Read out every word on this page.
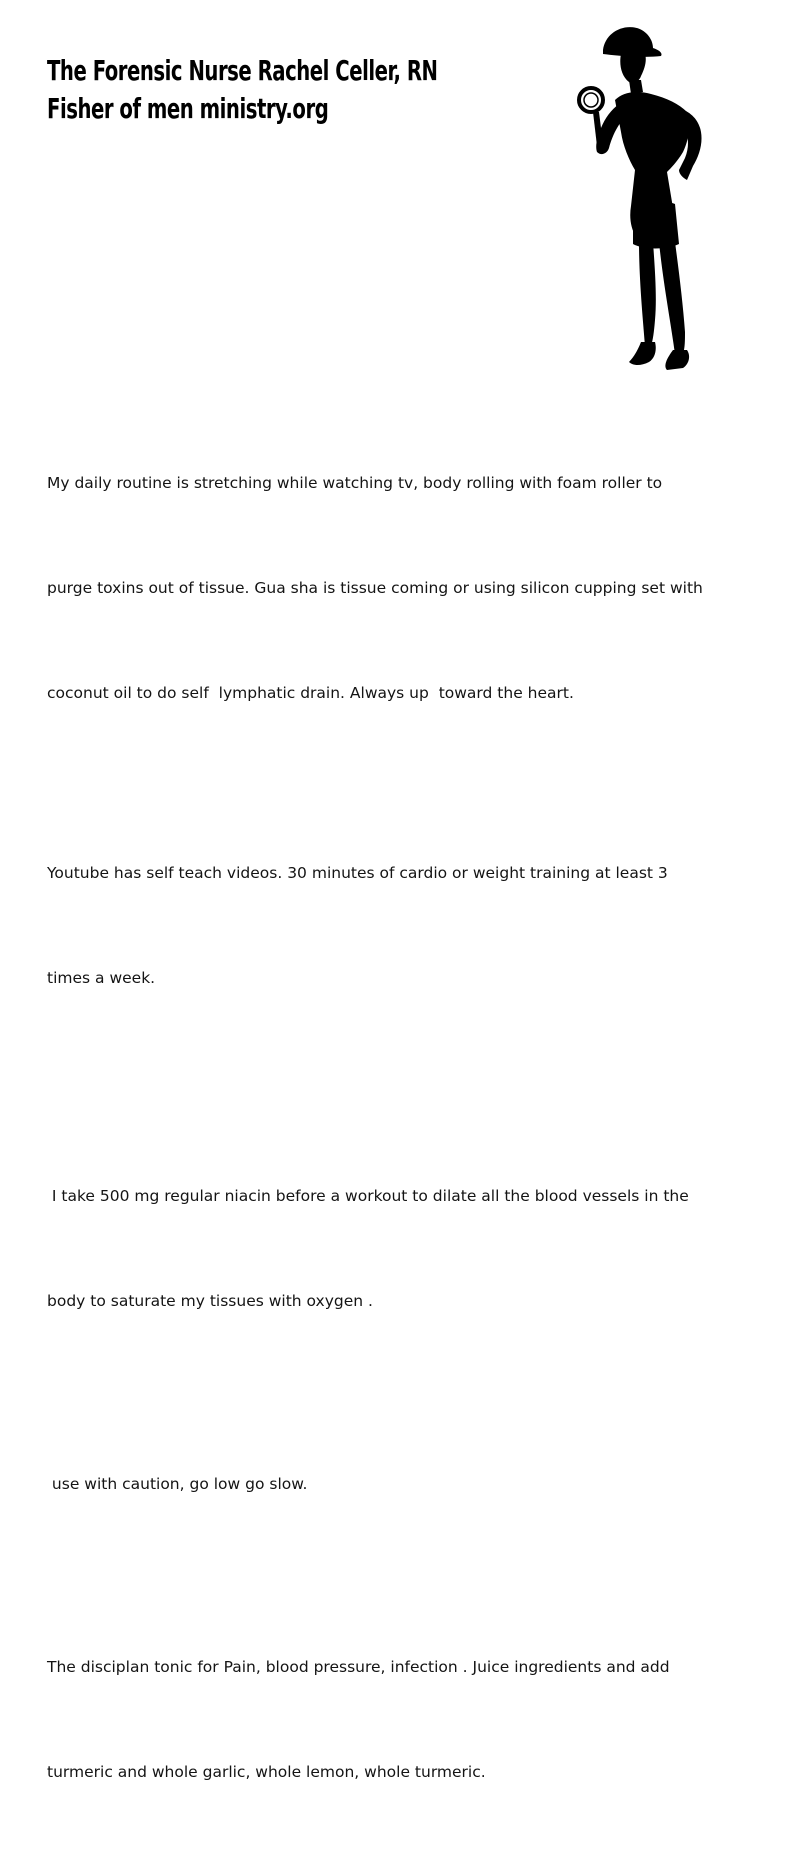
The Forensic Nurse Rachel Celler, RN
Fisher of men ministry.org

My daily routine is stretching while watching tv, body rolling with foam roller to

purge toxins out of tissue. Gua sha is tissue coming or using silicon cupping set with

coconut oil to do self  lymphatic drain. Always up  toward the heart.

Youtube has self teach videos. 30 minutes of cardio or weight training at least 3

times a week.

I take 500 mg regular niacin before a workout to dilate all the blood vessels in the

body to saturate my tissues with oxygen .

use with caution, go low go slow.

The disciplan tonic for Pain, blood pressure, infection . Juice ingredients and add

turmeric and whole garlic, whole lemon, whole turmeric.
